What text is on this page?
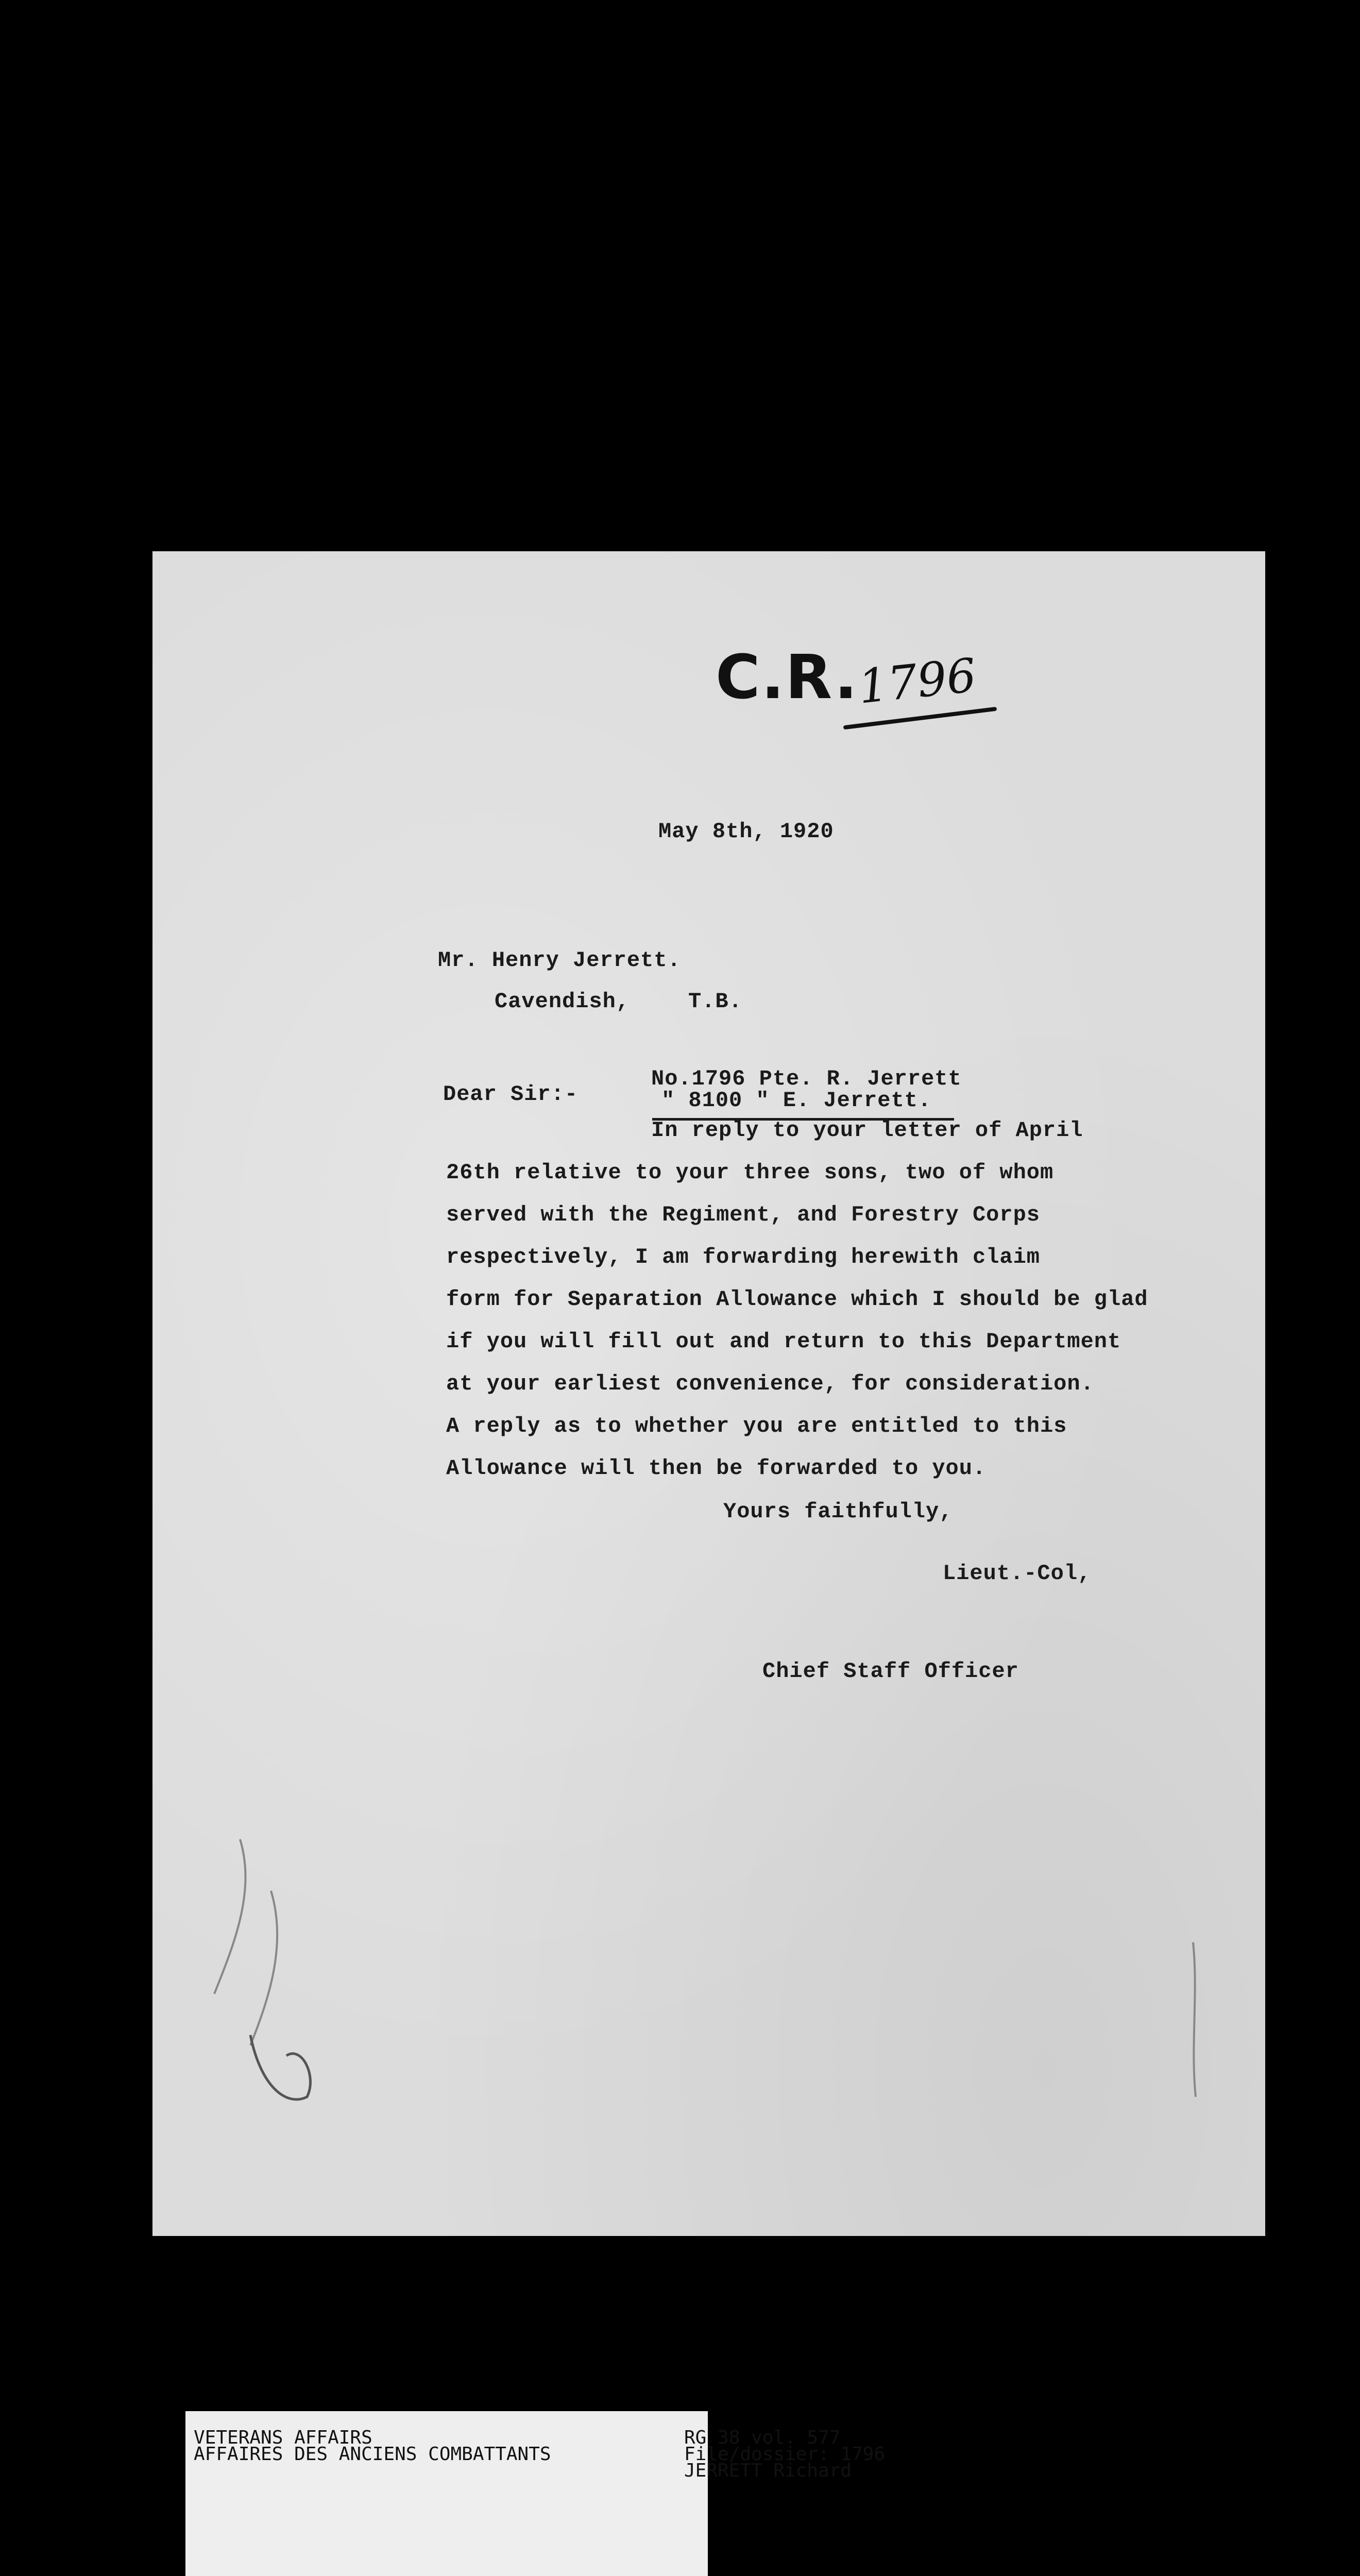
C.R.
1796
May 8th, 1920
Mr. Henry Jerrett.
Cavendish,	T.B.
Dear Sir:-
No.1796 Pte. R. Jerrett
" 8100 " E. Jerrett.
In reply to your letter of April
26th relative to your three sons, two of whom
served with the Regiment, and Forestry Corps
respectively, I am forwarding herewith claim
form for Separation Allowance which I should be glad
if you will fill out and return to this Department
at your earliest convenience, for consideration.
A reply as to whether you are entitled to this
Allowance will then be forwarded to you.
Yours faithfully,
Lieut.-Col,
Chief Staff Officer
VETERANS AFFAIRS
AFFAIRES DES ANCIENS COMBATTANTS
RG 38 vol. 577
File/dossier: 1796
JERRETT Richard
